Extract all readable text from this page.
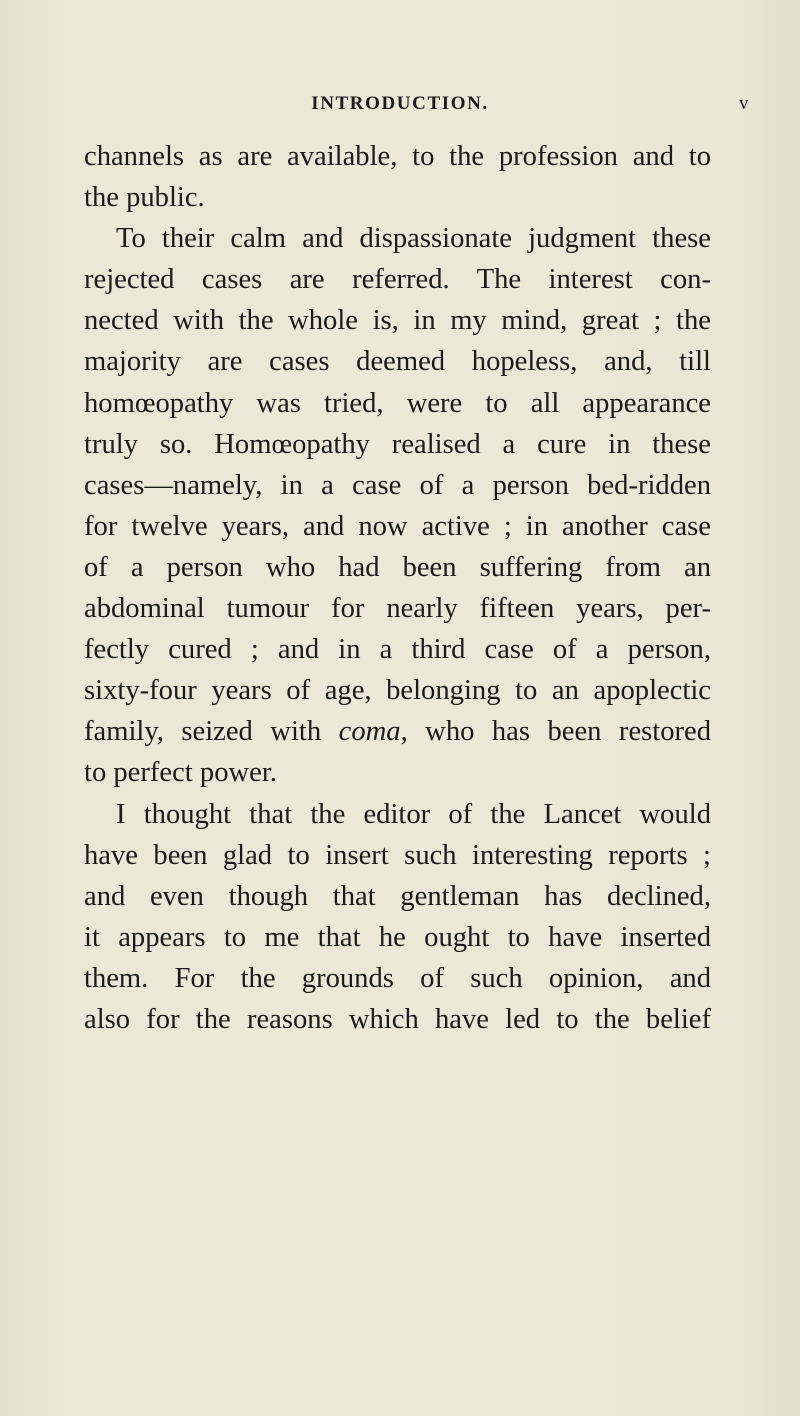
INTRODUCTION.	v
channels as are available, to the profession and to
the public.
To their calm and dispassionate judgment these
rejected cases are referred. The interest con-
nected with the whole is, in my mind, great ; the
majority are cases deemed hopeless, and, till
homœopathy was tried, were to all appearance
truly so. Homœopathy realised a cure in these
cases—namely, in a case of a person bed-ridden
for twelve years, and now active ; in another case
of a person who had been suffering from an
abdominal tumour for nearly fifteen years, per-
fectly cured ; and in a third case of a person,
sixty-four years of age, belonging to an apoplectic
family, seized with coma, who has been restored
to perfect power.
I thought that the editor of the Lancet would
have been glad to insert such interesting reports ;
and even though that gentleman has declined,
it appears to me that he ought to have inserted
them. For the grounds of such opinion, and
also for the reasons which have led to the belief
